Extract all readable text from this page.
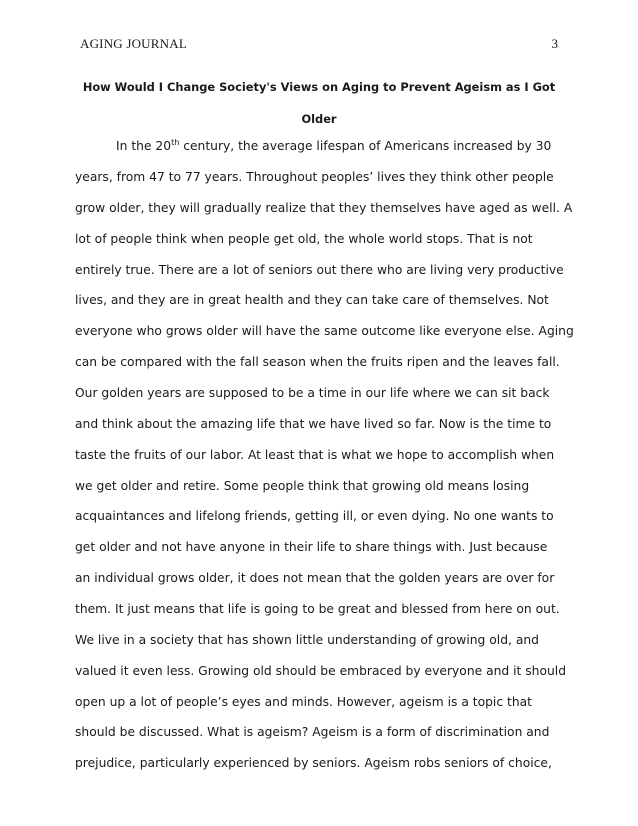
AGING JOURNAL	3

How Would I Change Society's Views on Aging to Prevent Ageism as I Got

Older

In the 20th century, the average lifespan of Americans increased by 30

years, from 47 to 77 years. Throughout peoples’ lives they think other people

grow older, they will gradually realize that they themselves have aged as well. A

lot of people think when people get old, the whole world stops. That is not

entirely true. There are a lot of seniors out there who are living very productive

lives, and they are in great health and they can take care of themselves. Not

everyone who grows older will have the same outcome like everyone else. Aging

can be compared with the fall season when the fruits ripen and the leaves fall.

Our golden years are supposed to be a time in our life where we can sit back

and think about the amazing life that we have lived so far. Now is the time to

taste the fruits of our labor. At least that is what we hope to accomplish when

we get older and retire. Some people think that growing old means losing

acquaintances and lifelong friends, getting ill, or even dying. No one wants to

get older and not have anyone in their life to share things with. Just because

an individual grows older, it does not mean that the golden years are over for

them. It just means that life is going to be great and blessed from here on out.

We live in a society that has shown little understanding of growing old, and

valued it even less. Growing old should be embraced by everyone and it should

open up a lot of people’s eyes and minds. However, ageism is a topic that

should be discussed. What is ageism? Ageism is a form of discrimination and

prejudice, particularly experienced by seniors. Ageism robs seniors of choice,
